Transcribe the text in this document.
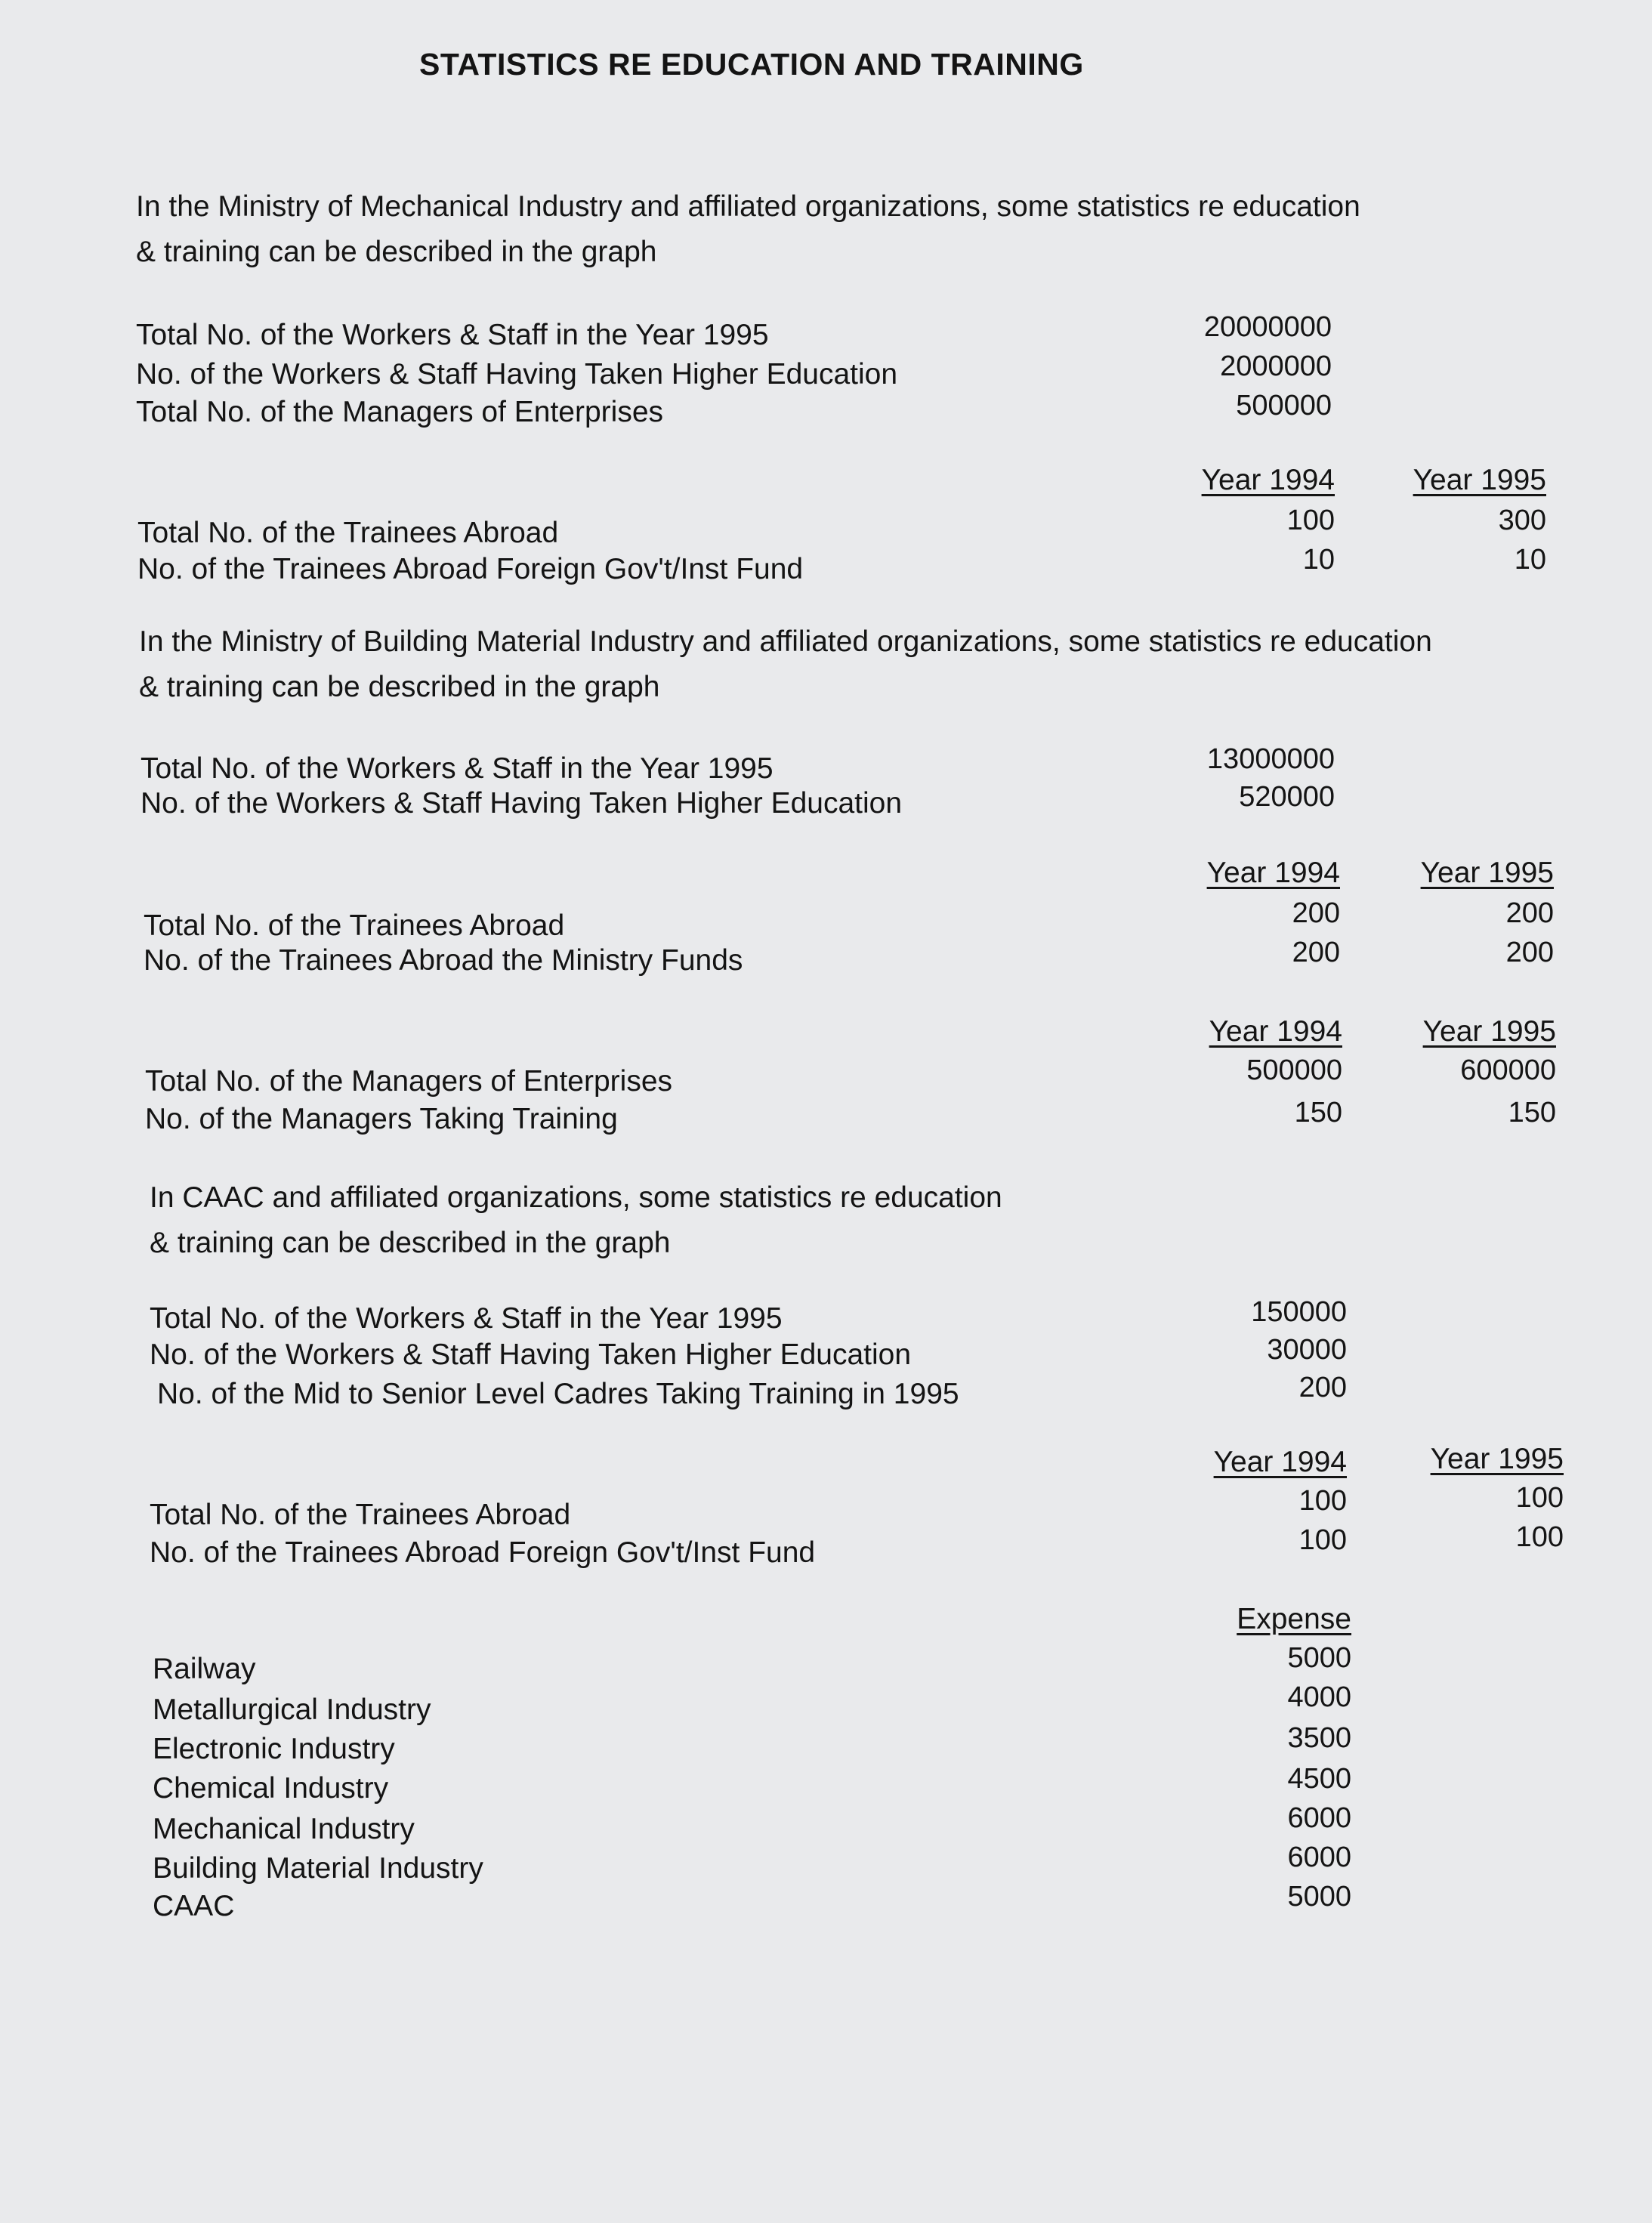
STATISTICS RE EDUCATION AND TRAINING
In the Ministry of Mechanical Industry and affiliated organizations, some statistics re education
& training can be described in the graph
Total No. of the Workers & Staff in the Year 1995	20000000
No. of the Workers & Staff Having Taken Higher Education	2000000
Total No. of the Managers of Enterprises	500000
Year 1994	Year 1995
Total No. of the Trainees Abroad	100	300
No. of the Trainees Abroad Foreign Gov't/Inst Fund	10	10
In the Ministry of Building Material Industry and affiliated organizations, some statistics re education
& training can be described in the graph
Total No. of the Workers & Staff in the Year 1995	13000000
No. of the Workers & Staff Having Taken Higher Education	520000
Year 1994	Year 1995
Total No. of the Trainees Abroad	200	200
No. of the Trainees Abroad the Ministry Funds	200	200
Year 1994	Year 1995
Total No. of the Managers of Enterprises	500000	600000
No. of the Managers Taking Training	150	150
In CAAC and affiliated organizations, some statistics re education
& training can be described in the graph
Total No. of the Workers & Staff in the Year 1995	150000
No. of the Workers & Staff Having Taken Higher Education	30000
No. of the Mid to Senior Level Cadres Taking Training in 1995	200
Year 1994	Year 1995
Total No. of the Trainees Abroad	100	100
No. of the Trainees Abroad Foreign Gov't/Inst Fund	100	100
Expense
Railway	5000
Metallurgical Industry	4000
Electronic Industry	3500
Chemical Industry	4500
Mechanical Industry	6000
Building Material Industry	6000
CAAC	5000
